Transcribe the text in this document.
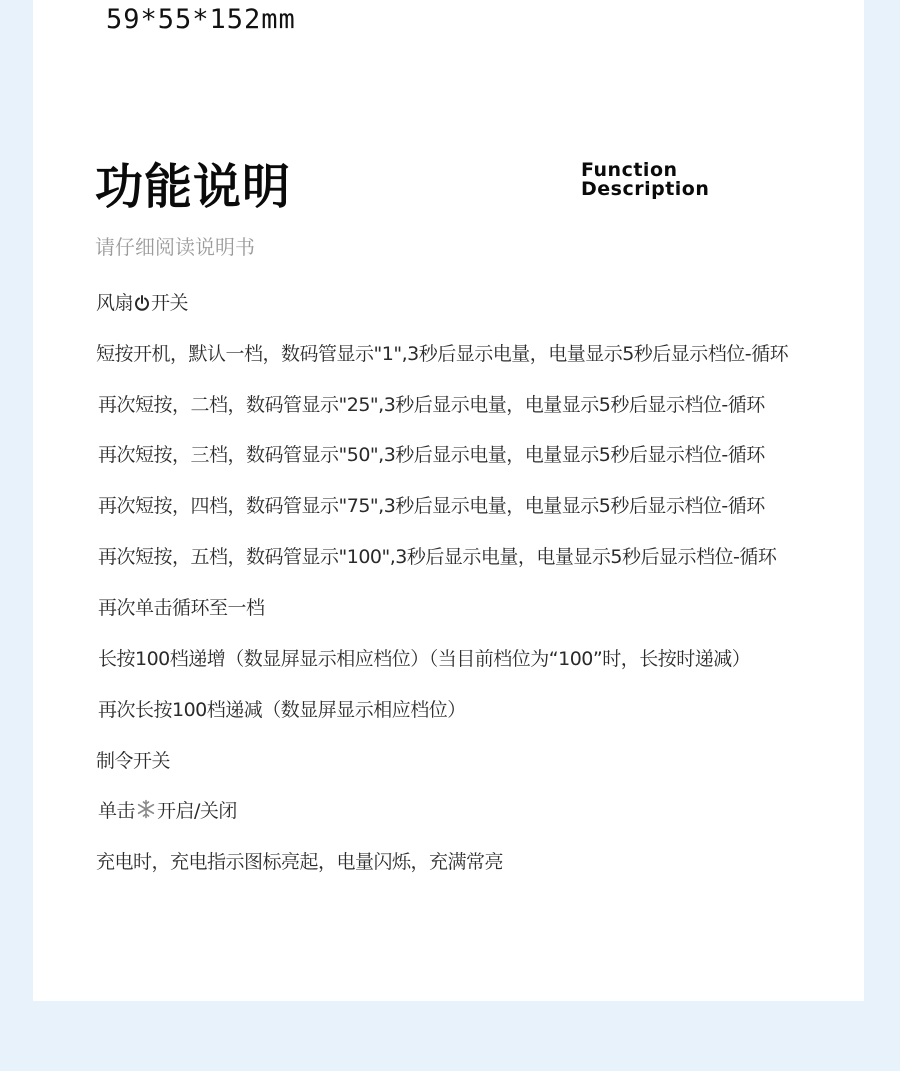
59*55*152mm
功能说明	Function
Description
请仔细阅读说明书
风扇 开关
短按开机，默认一档，数码管显示"1",3秒后显示电量，电量显示5秒后显示档位-循环
再次短按，二档，数码管显示"25",3秒后显示电量，电量显示5秒后显示档位-循环
再次短按，三档，数码管显示"50",3秒后显示电量，电量显示5秒后显示档位-循环
再次短按，四档，数码管显示"75",3秒后显示电量，电量显示5秒后显示档位-循环
再次短按，五档，数码管显示"100",3秒后显示电量，电量显示5秒后显示档位-循环
再次单击循环至一档
长按100档递增（数显屏显示相应档位）（当目前档位为“100”时，长按时递减）
再次长按100档递减（数显屏显示相应档位）
制令开关
单击 开启/关闭
充电时，充电指示图标亮起，电量闪烁，充满常亮
